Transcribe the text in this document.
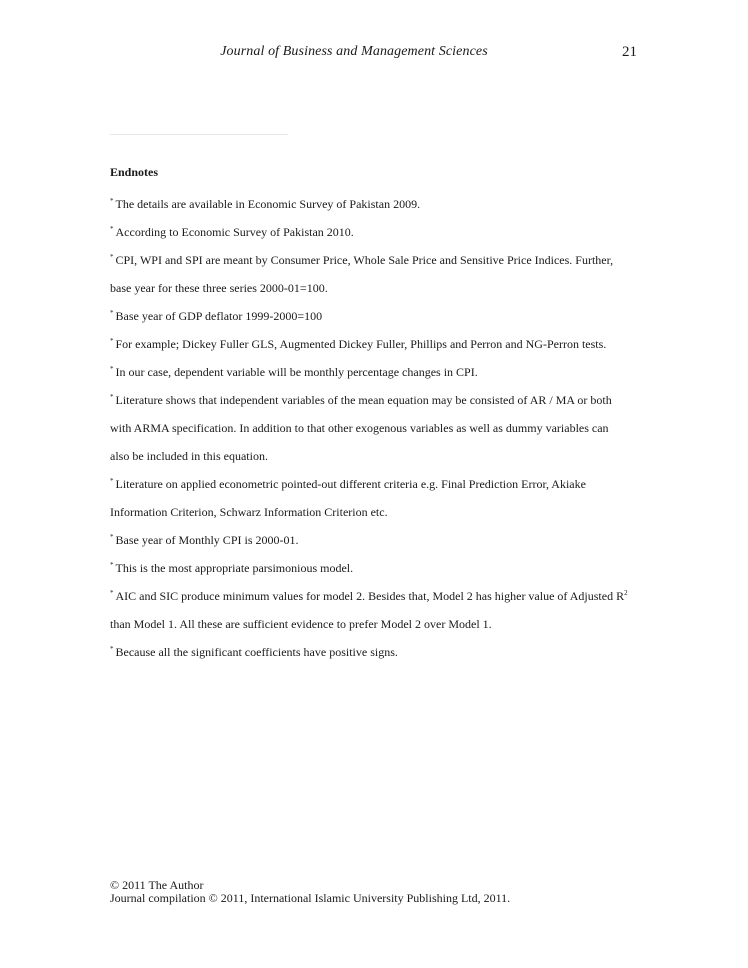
Journal of Business and Management Sciences	21
Endnotes

* The details are available in Economic Survey of Pakistan 2009.

* According to Economic Survey of Pakistan 2010.

* CPI, WPI and SPI are meant by Consumer Price, Whole Sale Price and Sensitive Price Indices. Further, base year for these three series 2000-01=100.

* Base year of GDP deflator 1999-2000=100

* For example; Dickey Fuller GLS, Augmented Dickey Fuller, Phillips and Perron and NG-Perron tests.

* In our case, dependent variable will be monthly percentage changes in CPI.

* Literature shows that independent variables of the mean equation may be consisted of AR / MA or both with ARMA specification. In addition to that other exogenous variables as well as dummy variables can also be included in this equation.

* Literature on applied econometric pointed-out different criteria e.g. Final Prediction Error, Akiake Information Criterion, Schwarz Information Criterion etc.

* Base year of Monthly CPI is 2000-01.

* This is the most appropriate parsimonious model.

* AIC and SIC produce minimum values for model 2. Besides that, Model 2 has higher value of Adjusted $R^2$ than Model 1. All these are sufficient evidence to prefer Model 2 over Model 1.

* Because all the significant coefficients have positive signs.

© 2011 The Author
Journal compilation © 2011, International Islamic University Publishing Ltd, 2011.
